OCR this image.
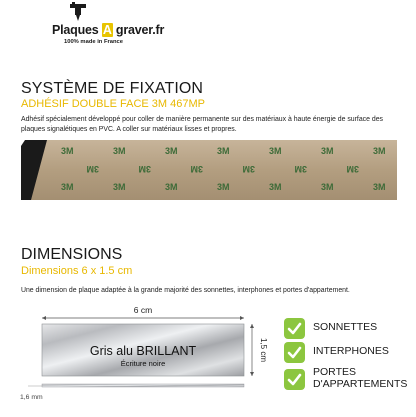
Plaques A graver.fr
100% made in France
SYSTÈME DE FIXATION
ADHÉSIF DOUBLE FACE 3M 467MP
Adhésif spécialement développé pour coller de manière permanente sur des matériaux à haute énergie de surface des plaques signalétiques en PVC. A coller sur matériaux lisses et propres.
3M	3M	3M	3M	3M	3M	3M
3M	3M	3M	3M	3M	3M
3M	3M	3M	3M	3M	3M	3M
DIMENSIONS
Dimensions 6 x 1.5 cm
Une dimension de plaque adaptée à la grande majorité des sonnettes, interphones et portes d'appartement.
6 cm
Gris alu BRILLANT
Écriture noire
1,5 cm
1,6 mm
SONNETTES
INTERPHONES
PORTES
D'APPARTEMENTS
